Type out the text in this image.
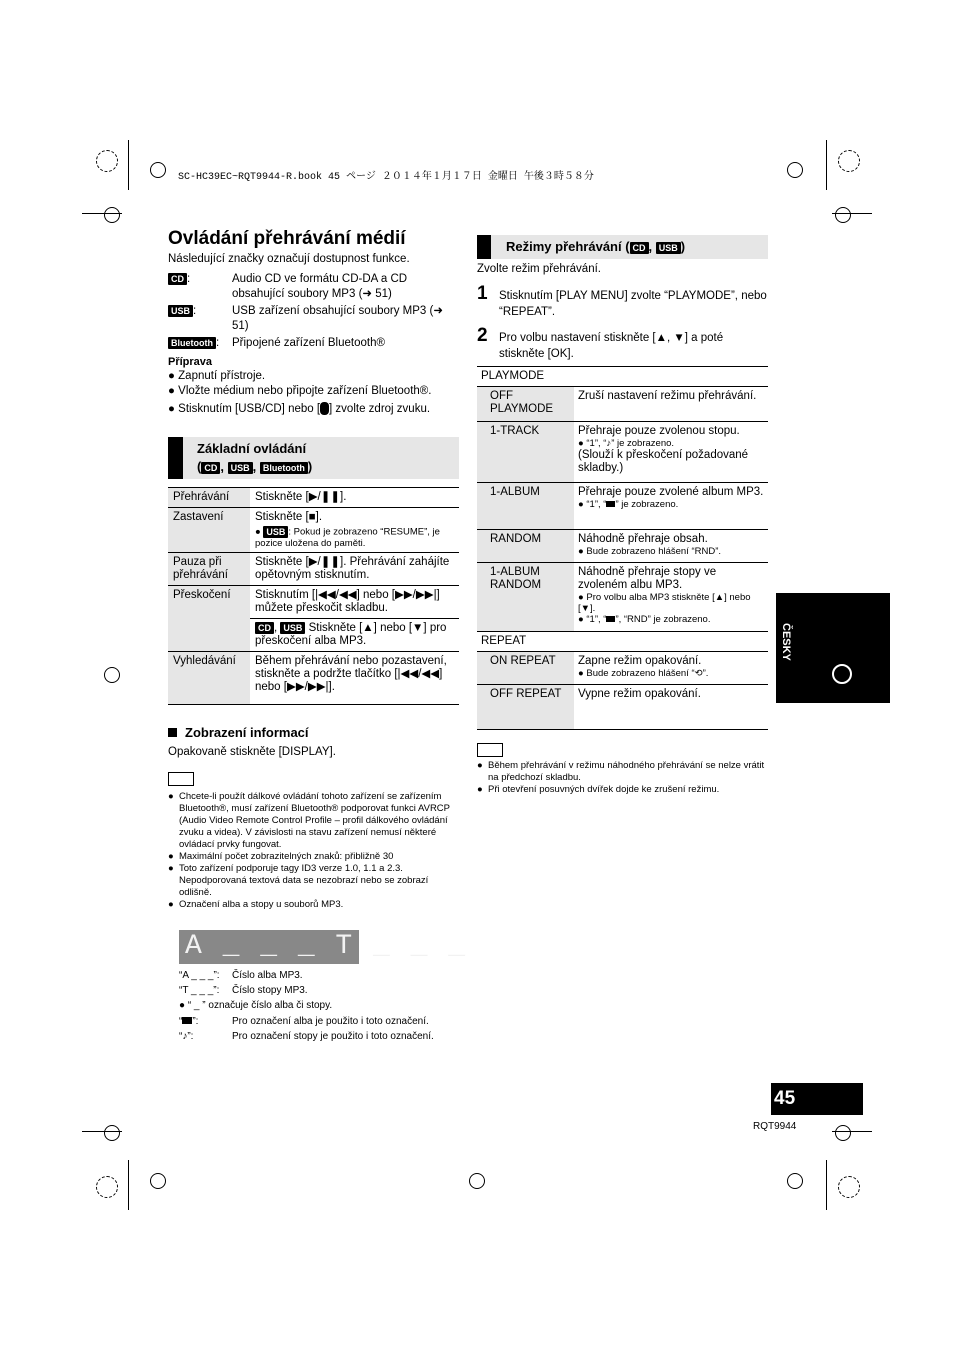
SC-HC39EC~RQT9944-R.book 45 ページ ２０１４年１月１７日 金曜日 午後３時５８分
Ovládání přehrávání médií
Následující značky označují dostupnost funkce.
CD :	Audio CD ve formátu CD-DA a CD obsahující soubory MP3 (➜ 51)
USB :	USB zařízení obsahující soubory MP3 (➜ 51)
Bluetooth :	Připojené zařízení Bluetooth®
Příprava
● Zapnutí přístroje.
● Vložte médium nebo připojte zařízení Bluetooth®.
● Stisknutím [USB/CD] nebo [ ] zvolte zdroj zvuku.
Základní ovládání
( CD , USB , Bluetooth )
Přehrávání	Stiskněte [▶/❚❚].
Zastavení	Stiskněte [■].
● USB : Pokud je zobrazeno “RESUME”, je pozice uložena do paměti.

Pauza při přehrávání	Stiskněte [▶/❚❚]. Přehrávání zahájíte opětovným stisknutím.
Přeskočení	Stisknutím [|◀◀/◀◀] nebo [▶▶/▶▶|] můžete přeskočit skladbu.
	CD , USB Stiskněte [▲] nebo [▼] pro přeskočení alba MP3.
Vyhledávání	Během přehrávání nebo pozastavení, stiskněte a podržte tlačítko [|◀◀/◀◀] nebo [▶▶/▶▶|].
Zobrazení informací
Opakovaně stiskněte [DISPLAY].
● Chcete-li použít dálkové ovládání tohoto zařízení se zařízením Bluetooth®, musí zařízení Bluetooth® podporovat funkci AVRCP (Audio Video Remote Control Profile – profil dálkového ovládání zvuku a videa). V závislosti na stavu zařízení nemusí některé ovládací prvky fungovat.
● Maximální počet zobrazitelných znaků: přibližně 30
● Toto zařízení podporuje tagy ID3 verze 1.0, 1.1 a 2.3. Nepodporovaná textová data se nezobrazí nebo se zobrazí odlišně.
● Označení alba a stopy u souborů MP3.
A _ _ _ T _ _ _
“A _ _ _”:	Číslo alba MP3.
“T _ _ _”:	Číslo stopy MP3.
● “ _ ” označuje číslo alba či stopy.
“ ”:	Pro označení alba je použito i toto označení.
“♪”:	Pro označení stopy je použito i toto označení.
Režimy přehrávání ( CD , USB )
Zvolte režim přehrávání.
1 Stisknutím [PLAY MENU] zvolte “PLAYMODE”, nebo “REPEAT”.
2 Pro volbu nastavení stiskněte [▲, ▼] a poté stiskněte [OK].
PLAYMODE	
OFF PLAYMODE	Zruší nastavení režimu přehrávání.
1-TRACK	Přehraje pouze zvolenou stopu.
● “1”, “♪” je zobrazeno.
(Slouží k přeskočení požadované skladby.)

1-ALBUM	Přehraje pouze zvolené album MP3.
● “1”, “ ” je zobrazeno.

RANDOM	Náhodně přehraje obsah.
● Bude zobrazeno hlášení “RND”.

1-ALBUM RANDOM	Náhodně přehraje stopy ve zvoleném albu MP3.
● Pro volbu alba MP3 stiskněte [▲] nebo [▼].
● “1”, “ ”, “RND” je zobrazeno.

REPEAT	
ON REPEAT	Zapne režim opakování.
● Bude zobrazeno hlášení “⟲”.

OFF REPEAT	Vypne režim opakování.
● Během přehrávání v režimu náhodného přehrávání se nelze vrátit na předchozí skladbu.
● Při otevření posuvných dvířek dojde ke zrušení režimu.
ČESKY
45
RQT9944
